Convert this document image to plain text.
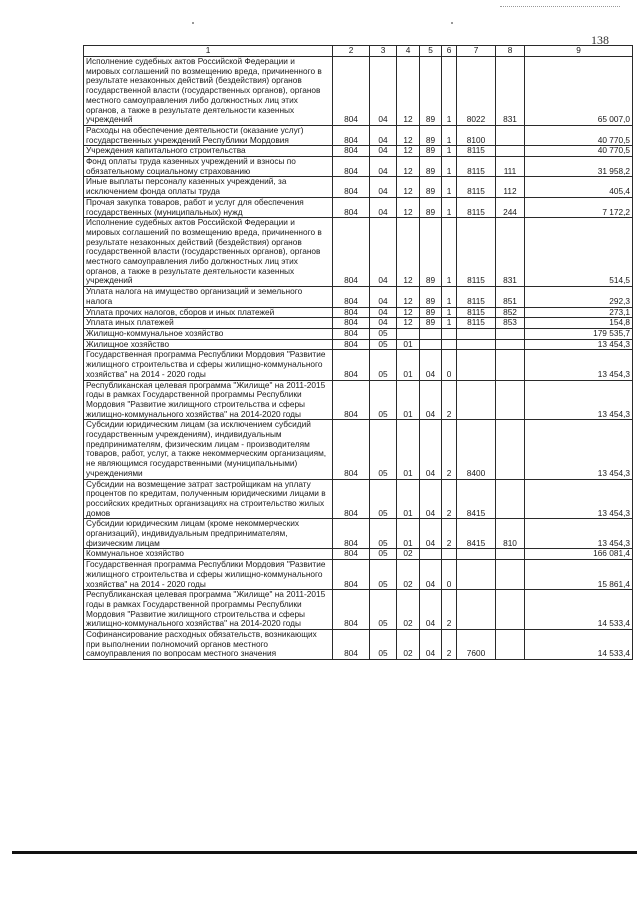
138
1	2	3	4	5	6	7	8	9
Исполнение судебных актов Российской Федерации и мировых соглашений по возмещению вреда, причиненного в результате незаконных действий (бездействия) органов государственной власти (государственных органов), органов местного самоуправления либо должностных лиц этих органов, а также в результате деятельности казенных учреждений	804	04	12	89	1	8022	831	65 007,0
Расходы на обеспечение деятельности (оказание услуг) государственных учреждений Республики Мордовия	804	04	12	89	1	8100		40 770,5
Учреждения капитального строительства	804	04	12	89	1	8115		40 770,5
Фонд оплаты труда казенных учреждений и взносы по обязательному социальному страхованию	804	04	12	89	1	8115	111	31 958,2
Иные выплаты персоналу казенных учреждений, за исключением фонда оплаты труда	804	04	12	89	1	8115	112	405,4
Прочая закупка товаров, работ и услуг для обеспечения государственных (муниципальных) нужд	804	04	12	89	1	8115	244	7 172,2
Исполнение судебных актов Российской Федерации и мировых соглашений по возмещению вреда, причиненного в результате незаконных действий (бездействия) органов государственной власти (государственных органов), органов местного самоуправления либо должностных лиц этих органов, а также в результате деятельности казенных учреждений	804	04	12	89	1	8115	831	514,5
Уплата налога на имущество организаций и земельного налога	804	04	12	89	1	8115	851	292,3
Уплата прочих налогов, сборов и иных платежей	804	04	12	89	1	8115	852	273,1
Уплата иных платежей	804	04	12	89	1	8115	853	154,8
Жилищно-коммунальное хозяйство	804	05						179 535,7
Жилищное хозяйство	804	05	01					13 454,3
Государственная программа Республики Мордовия "Развитие жилищного строительства и сферы жилищно-коммунального хозяйства" на 2014 - 2020 годы	804	05	01	04	0			13 454,3
Республиканская целевая программа "Жилище" на 2011-2015 годы в рамках Государственной программы Республики Мордовия "Развитие жилищного строительства и сферы жилищно-коммунального хозяйства" на 2014-2020 годы	804	05	01	04	2			13 454,3
Субсидии юридическим лицам (за исключением субсидий государственным учреждениям), индивидуальным предпринимателям, физическим лицам - производителям товаров, работ, услуг, а также некоммерческим организациям, не являющимся государственными (муниципальными) учреждениями	804	05	01	04	2	8400		13 454,3
Субсидии на возмещение затрат застройщикам на уплату процентов по кредитам, полученным юридическими лицами в российских кредитных организациях на строительство жилых домов	804	05	01	04	2	8415		13 454,3
Субсидии юридическим лицам (кроме некоммерческих организаций), индивидуальным предпринимателям, физическим лицам	804	05	01	04	2	8415	810	13 454,3
Коммунальное хозяйство	804	05	02					166 081,4
Государственная программа Республики Мордовия "Развитие жилищного строительства и сферы жилищно-коммунального хозяйства" на 2014 - 2020 годы	804	05	02	04	0			15 861,4
Республиканская целевая программа "Жилище" на 2011-2015 годы в рамках Государственной программы Республики Мордовия "Развитие жилищного строительства и сферы жилищно-коммунального хозяйства" на 2014-2020 годы	804	05	02	04	2			14 533,4
Софинансирование расходных обязательств, возникающих при выполнении полномочий органов местного самоуправления по вопросам местного значения	804	05	02	04	2	7600		14 533,4
